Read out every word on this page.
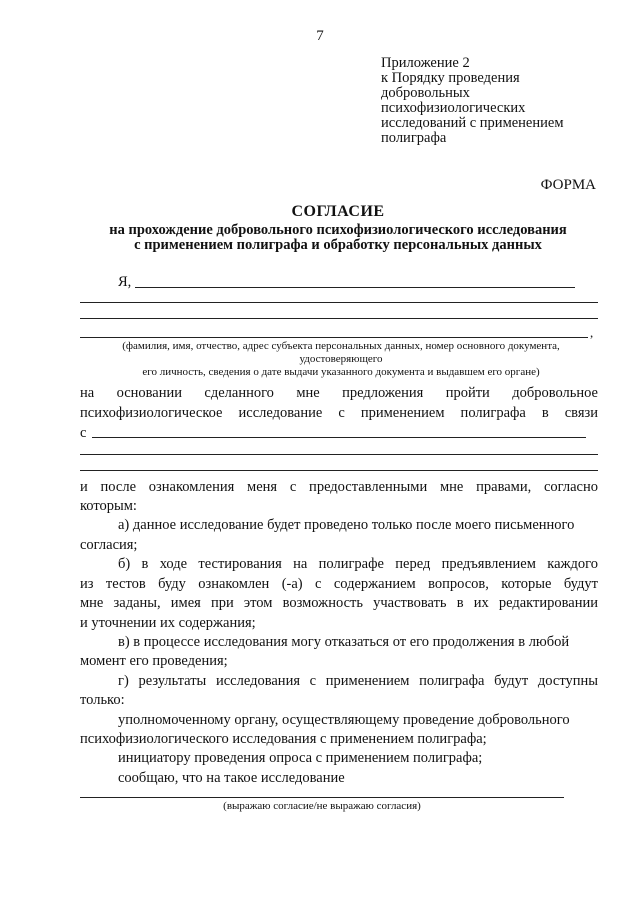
7
Приложение 2
к Порядку проведения
добровольных
психофизиологических
исследований с применением
полиграфа
ФОРМА
СОГЛАСИЕ
на прохождение добровольного психофизиологического исследования
с применением полиграфа и обработку персональных данных
Я,
,
(фамилия, имя, отчество, адрес субъекта персональных данных, номер основного документа, удостоверяющего
его личность, сведения о дате выдачи указанного документа и выдавшем его органе)
на основании сделанного мне предложения пройти добровольное
психофизиологическое исследование с применением полиграфа в связи
с
и после ознакомления меня с предоставленными мне правами, согласно
которым:
а) данное исследование будет проведено только после моего письменного
согласия;
б) в ходе тестирования на полиграфе перед предъявлением каждого
из тестов буду ознакомлен (-а) с содержанием вопросов, которые будут
мне заданы, имея при этом возможность участвовать в их редактировании
и уточнении их содержания;
в) в процессе исследования могу отказаться от его продолжения в любой
момент его проведения;
г) результаты исследования с применением полиграфа будут доступны
только:
уполномоченному органу, осуществляющему проведение добровольного
психофизиологического исследования с применением полиграфа;
инициатору проведения опроса с применением полиграфа;
сообщаю, что на такое исследование
(выражаю согласие/не выражаю согласия)
